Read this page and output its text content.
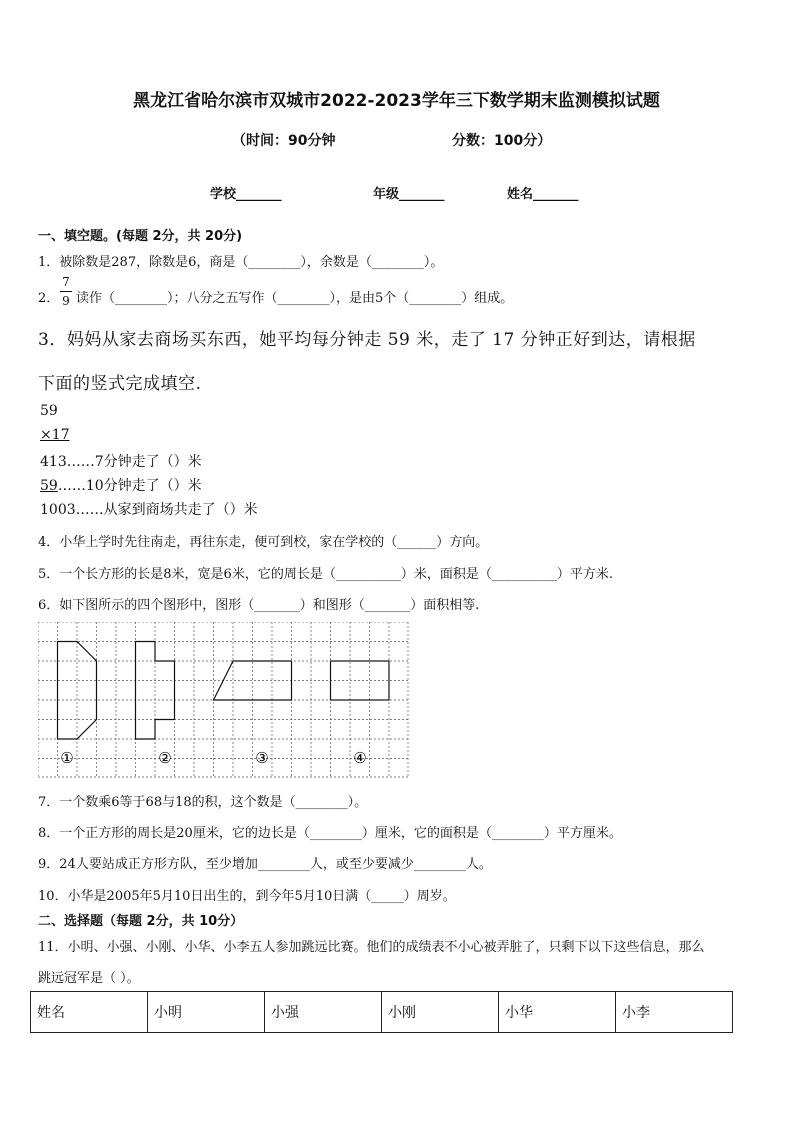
黑龙江省哈尔滨市双城市2022-2023学年三下数学期末监测模拟试题
（时间：90分钟	分数：100分）
学校_______	年级_______	姓名_______
一、填空题。(每题 2分，共 20分)
1．被除数是287，除数是6，商是（________），余数是（________）。
2．
7
9 读作（________）；八分之五写作（________），是由5个（________）组成。
3．妈妈从家去商场买东西，她平均每分钟走 59 米，走了 17 分钟正好到达，请根据
下面的竖式完成填空.
59
×17
413……7分钟走了（）米
59……10分钟走了（）米
1003……从家到商场共走了（）米
4．小华上学时先往南走，再往东走，便可到校，家在学校的（______）方向。
5．一个长方形的长是8米，宽是6米，它的周长是（__________）米，面积是（__________）平方米.
6．如下图所示的四个图形中，图形（_______）和图形（_______）面积相等.
①	②	③	④
7．一个数乘6等于68与18的积，这个数是（________）。
8．一个正方形的周长是20厘米，它的边长是（________）厘米，它的面积是（________）平方厘米。
9．24人要站成正方形方队，至少增加________人，或至少要减少________人。
10．小华是2005年5月10日出生的，到今年5月10日满（_____）周岁。
二、选择题（每题 2分，共 10分）
11．小明、小强、小刚、小华、小李五人参加跳远比赛。他们的成绩表不小心被弄脏了，只剩下以下这些信息，那么
跳远冠军是（ ）。
姓名	小明	小强	小刚	小华	小李
